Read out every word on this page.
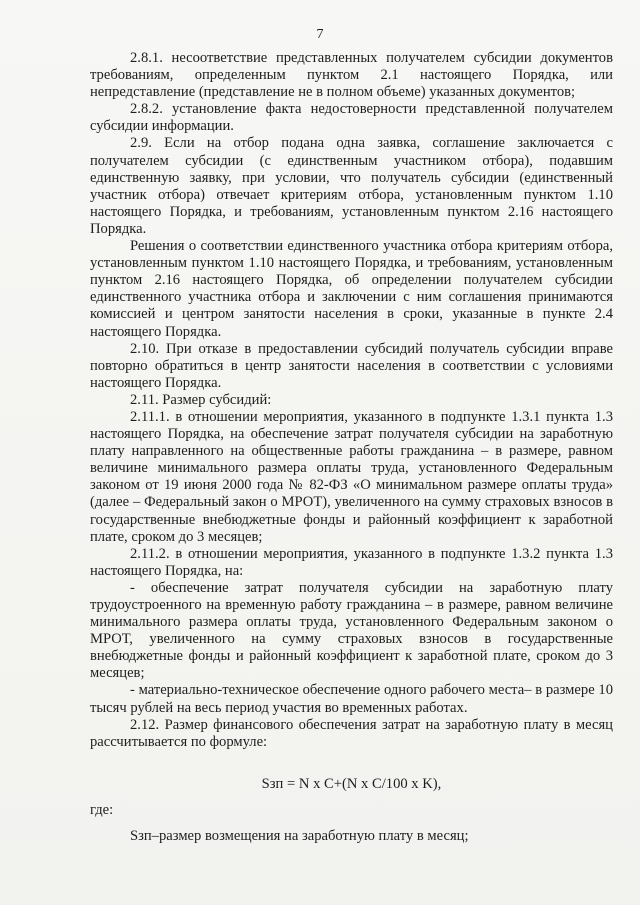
7

2.8.1. несоответствие представленных получателем субсидии документов требованиям, определенным пунктом 2.1 настоящего Порядка, или непредставление (представление не в полном объеме) указанных документов;

2.8.2. установление факта недостоверности представленной получателем субсидии информации.

2.9. Если на отбор подана одна заявка, соглашение заключается с получателем субсидии (с единственным участником отбора), подавшим единственную заявку, при условии, что получатель субсидии (единственный участник отбора) отвечает критериям отбора, установленным пунктом 1.10 настоящего Порядка, и требованиям, установленным пунктом 2.16 настоящего Порядка.

Решения о соответствии единственного участника отбора критериям отбора, установленным пунктом 1.10 настоящего Порядка, и требованиям, установленным пунктом 2.16 настоящего Порядка, об определении получателем субсидии единственного участника отбора и заключении с ним соглашения принимаются комиссией и центром занятости населения в сроки, указанные в пункте 2.4 настоящего Порядка.

2.10. При отказе в предоставлении субсидий получатель субсидии вправе повторно обратиться в центр занятости населения в соответствии с условиями настоящего Порядка.

2.11. Размер субсидий:

2.11.1. в отношении мероприятия, указанного в подпункте 1.3.1 пункта 1.3 настоящего Порядка, на обеспечение затрат получателя субсидии на заработную плату направленного на общественные работы гражданина – в размере, равном величине минимального размера оплаты труда, установленного Федеральным законом от 19 июня 2000 года № 82-ФЗ «О минимальном размере оплаты труда» (далее – Федеральный закон о МРОТ), увеличенного на сумму страховых взносов в государственные внебюджетные фонды и районный коэффициент к заработной плате, сроком до 3 месяцев;

2.11.2. в отношении мероприятия, указанного в подпункте 1.3.2 пункта 1.3 настоящего Порядка, на:

- обеспечение затрат получателя субсидии на заработную плату трудоустроенного на временную работу гражданина – в размере, равном величине минимального размера оплаты труда, установленного Федеральным законом о МРОТ, увеличенного на сумму страховых взносов в государственные внебюджетные фонды и районный коэффициент к заработной плате, сроком до 3 месяцев;

- материально-техническое обеспечение одного рабочего места– в размере 10 тысяч рублей на весь период участия во временных работах.

2.12. Размер финансового обеспечения затрат на заработную плату в месяц рассчитывается по формуле:

Sзп = N x C+(N x C/100 x K),

где:

Sзп–размер возмещения на заработную плату в месяц;
